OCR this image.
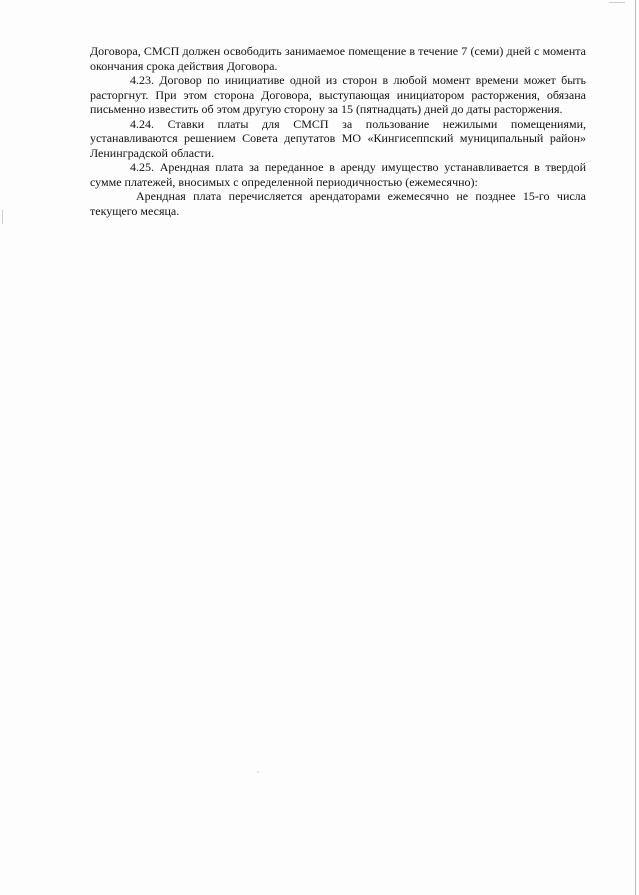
Договора, СМСП должен освободить занимаемое помещение в течение 7 (семи) дней с момента окончания срока действия Договора.

4.23. Договор по инициативе одной из сторон в любой момент времени может быть расторгнут. При этом сторона Договора, выступающая инициатором расторжения, обязана письменно известить об этом другую сторону за 15 (пятнадцать) дней до даты расторжения.

4.24. Ставки платы для СМСП за пользование нежилыми помещениями, устанавливаются решением Совета депутатов МО «Кингисеппский муниципальный район» Ленинградской области.

4.25. Арендная плата за переданное в аренду имущество устанавливается в твердой сумме платежей, вносимых с определенной периодичностью (ежемесячно):

Арендная плата перечисляется арендаторами ежемесячно не позднее 15-го числа текущего месяца.
